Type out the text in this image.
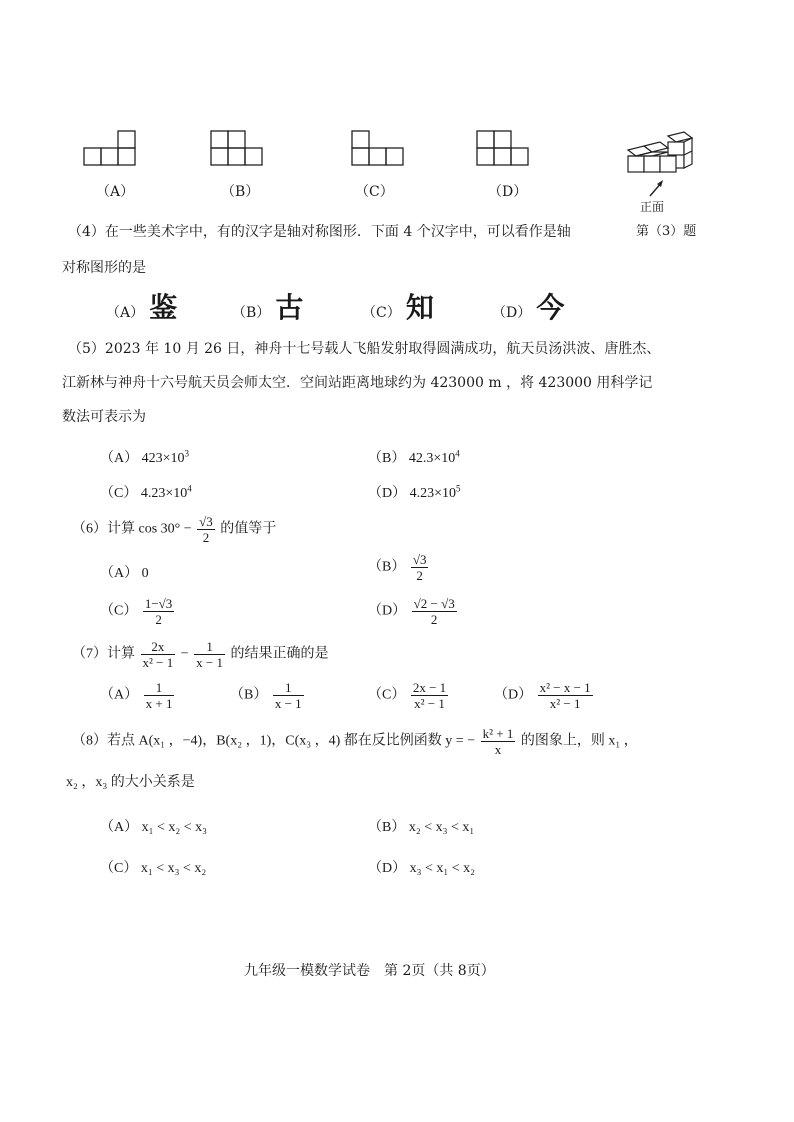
（A）	（B）	（C）	（D）
正面
第（3）题
（4）在一些美术字中，有的汉字是轴对称图形．下面 4 个汉字中，可以看作是轴
对称图形的是
（A） 鉴	（B） 古	（C） 知	（D） 今
（5）2023 年 10 月 26 日，神舟十七号载人飞船发射取得圆满成功，航天员汤洪波、唐胜杰、
江新林与神舟十六号航天员会师太空．空间站距离地球约为 423000 m ，将 423000 用科学记
数法可表示为
（A） $423\times 10^3$	（B） $42.3\times 10^4$
（C） $4.23\times 10^4$	（D） $4.23\times 10^5$
（6）计算 $\cos 30^\circ - \frac{√3}{2}$ 的值等于
（A） 0	$(B) \frac{√3}{2}$
$(C) \frac{1-√3}{2}$	$(D) \frac{√2 - √3}{2}$
（7）计算 $\frac{2x}{\text{x² − 1}} - \frac{1}{x - 1}$ 的结果正确的是
$(A) \frac{1}{x + 1}$	$(B) \frac{1}{x - 1}$	$(C) \frac{2x - 1}{\text{x² − 1}}$	$(D) \frac{\text{x² − x − 1}}{\text{x² − 1}}$
（8）若点 A(x₁ ，−4)，B(x₂ ，1)，C(x₃ ，4) 都在反比例函数 y = − $\frac{\text{k² + 1}}{x}$ 的图象上，则 x₁ ，
x₂ ，x₃ 的大小关系是
（A） x₁ < x₂ < x₃	（B） x₂ < x₃ < x₁
（C） x₁ < x₃ < x₂	（D） x₃ < x₁ < x₂
九年级一模数学试卷　第 2页（共 8页）
